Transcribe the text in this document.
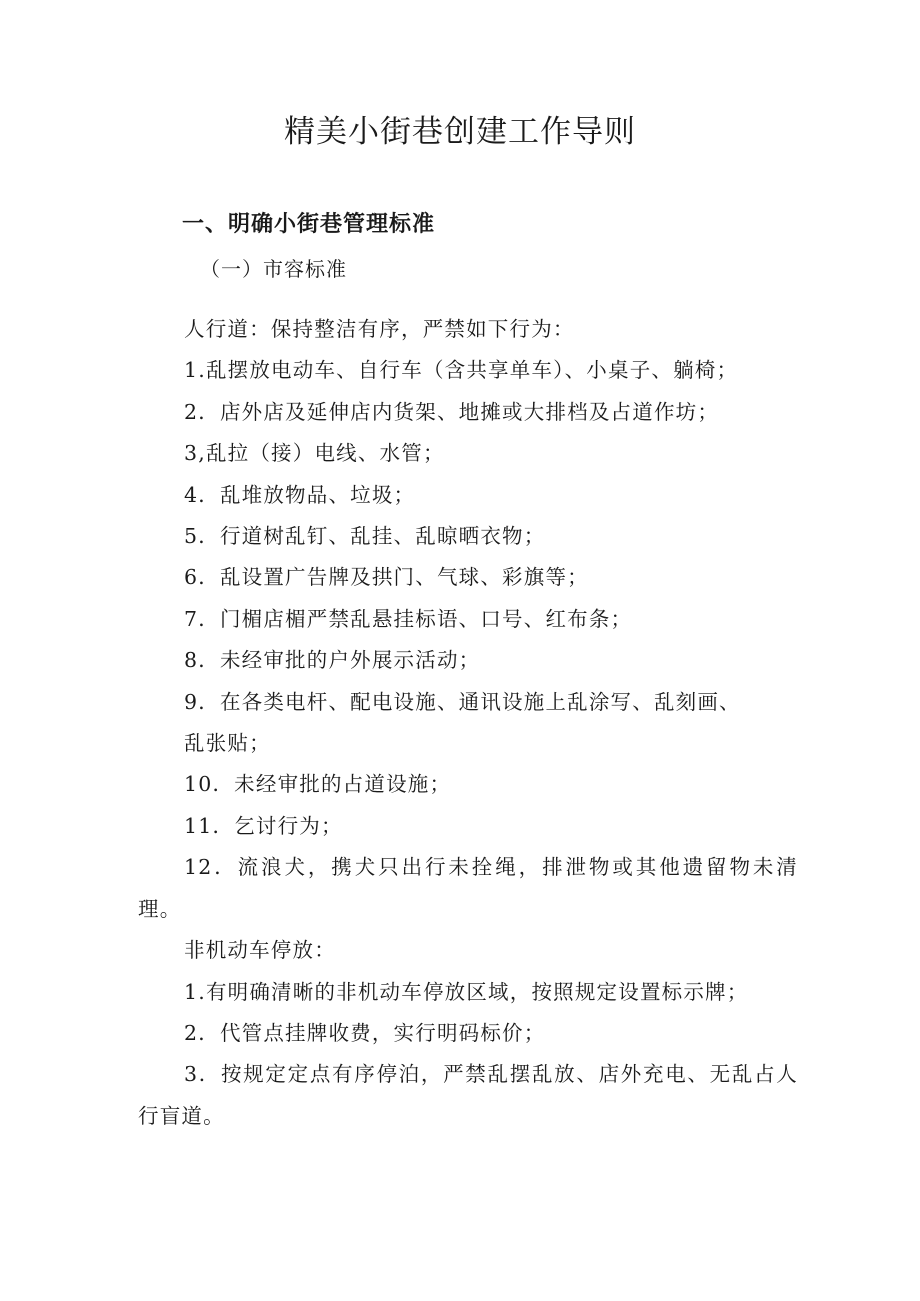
精美小街巷创建工作导则
一、明确小街巷管理标准
（一）市容标准
人行道：保持整洁有序，严禁如下行为：
1.乱摆放电动车、自行车（含共享单车）、小桌子、躺椅；
2．店外店及延伸店内货架、地摊或大排档及占道作坊；
3,乱拉（接）电线、水管；
4．乱堆放物品、垃圾；
5．行道树乱钉、乱挂、乱晾晒衣物；
6．乱设置广告牌及拱门、气球、彩旗等；
7．门楣店楣严禁乱悬挂标语、口号、红布条；
8．未经审批的户外展示活动；
9．在各类电杆、配电设施、通讯设施上乱涂写、乱刻画、
乱张贴；
10．未经审批的占道设施；
11．乞讨行为；
12．流浪犬，携犬只出行未拴绳，排泄物或其他遗留物未清理。
非机动车停放：
1.有明确清晰的非机动车停放区域，按照规定设置标示牌；
2．代管点挂牌收费，实行明码标价；
3．按规定定点有序停泊，严禁乱摆乱放、店外充电、无乱占人行盲道。
